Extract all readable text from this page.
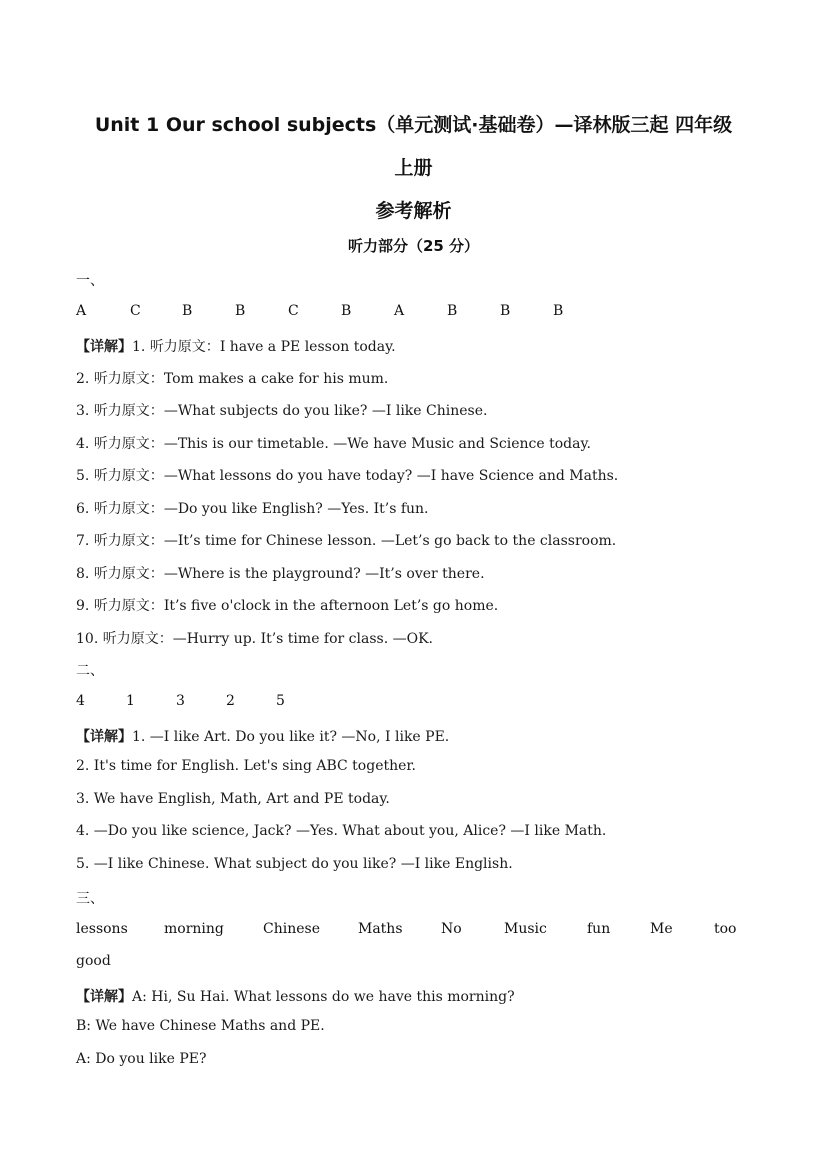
Unit 1 Our school subjects（单元测试·基础卷）—译林版三起 四年级
上册
参考解析
听力部分（25 分）
一、
A	C	B	B	C	B	A	B	B	B
【详解】1. 听力原文：I have a PE lesson today.
2. 听力原文：Tom makes a cake for his mum.
3. 听力原文：—What subjects do you like? —I like Chinese.
4. 听力原文：—This is our timetable. —We have Music and Science today.
5. 听力原文：—What lessons do you have today? —I have Science and Maths.
6. 听力原文：—Do you like English? —Yes. It’s fun.
7. 听力原文：—It’s time for Chinese lesson. —Let’s go back to the classroom.
8. 听力原文：—Where is the playground? —It’s over there.
9. 听力原文：It’s five o'clock in the afternoon Let’s go home.
10. 听力原文：—Hurry up. It’s time for class. —OK.
二、
4	1	3	2	5
【详解】1. —I like Art. Do you like it? —No, I like PE.
2. It's time for English. Let's sing ABC together.
3. We have English, Math, Art and PE today.
4. —Do you like science, Jack? —Yes. What about you, Alice? —I like Math.
5. —I like Chinese. What subject do you like? —I like English.
三、
lessons	morning	Chinese	Maths	No	Music	fun	Me	too
good
【详解】A: Hi, Su Hai. What lessons do we have this morning?
B: We have Chinese Maths and PE.
A: Do you like PE?
